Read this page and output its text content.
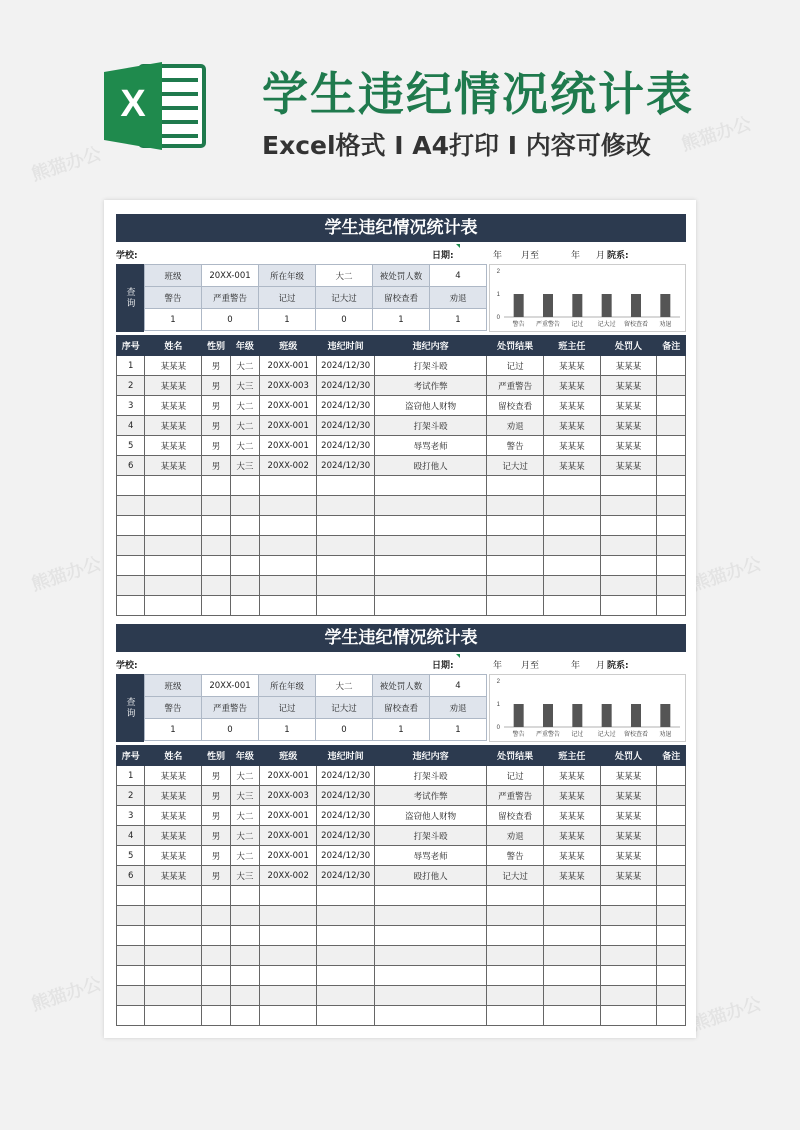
X	学生违纪情况统计表
Excel格式 I A4打印 I 内容可修改
熊猫办公
熊猫办公
熊猫办公	熊猫办公
熊猫办公	熊猫办公
学生违纪情况统计表
学校:	日期:	年 月至	年 月 院系:
查询
班级	20XX-001	所在年级	大二	被处罚人数	4
警告	严重警告	记过	记大过	留校查看	劝退
1	0	1	0	1	1
2
1
0
警告 严重警告 记过 记大过 留校查看 劝退
序号	姓名	性别	年级	班级	违纪时间	违纪内容	处罚结果	班主任	处罚人	备注
1	某某某	男	大二	20XX-001	2024/12/30	打架斗殴	记过	某某某	某某某	
2	某某某	男	大三	20XX-003	2024/12/30	考试作弊	严重警告	某某某	某某某	
3	某某某	男	大二	20XX-001	2024/12/30	盗窃他人财物	留校查看	某某某	某某某	
4	某某某	男	大二	20XX-001	2024/12/30	打架斗殴	劝退	某某某	某某某	
5	某某某	男	大二	20XX-001	2024/12/30	辱骂老师	警告	某某某	某某某	
6	某某某	男	大三	20XX-002	2024/12/30	殴打他人	记大过	某某某	某某某	

学生违纪情况统计表
学校:	日期:	年 月至	年 月 院系:
查询
班级	20XX-001	所在年级	大二	被处罚人数	4
警告	严重警告	记过	记大过	留校查看	劝退
1	0	1	0	1	1
2
1
0
警告 严重警告 记过 记大过 留校查看 劝退
序号	姓名	性别	年级	班级	违纪时间	违纪内容	处罚结果	班主任	处罚人	备注
1	某某某	男	大二	20XX-001	2024/12/30	打架斗殴	记过	某某某	某某某	
2	某某某	男	大三	20XX-003	2024/12/30	考试作弊	严重警告	某某某	某某某	
3	某某某	男	大二	20XX-001	2024/12/30	盗窃他人财物	留校查看	某某某	某某某	
4	某某某	男	大二	20XX-001	2024/12/30	打架斗殴	劝退	某某某	某某某	
5	某某某	男	大二	20XX-001	2024/12/30	辱骂老师	警告	某某某	某某某	
6	某某某	男	大三	20XX-002	2024/12/30	殴打他人	记大过	某某某	某某某	
